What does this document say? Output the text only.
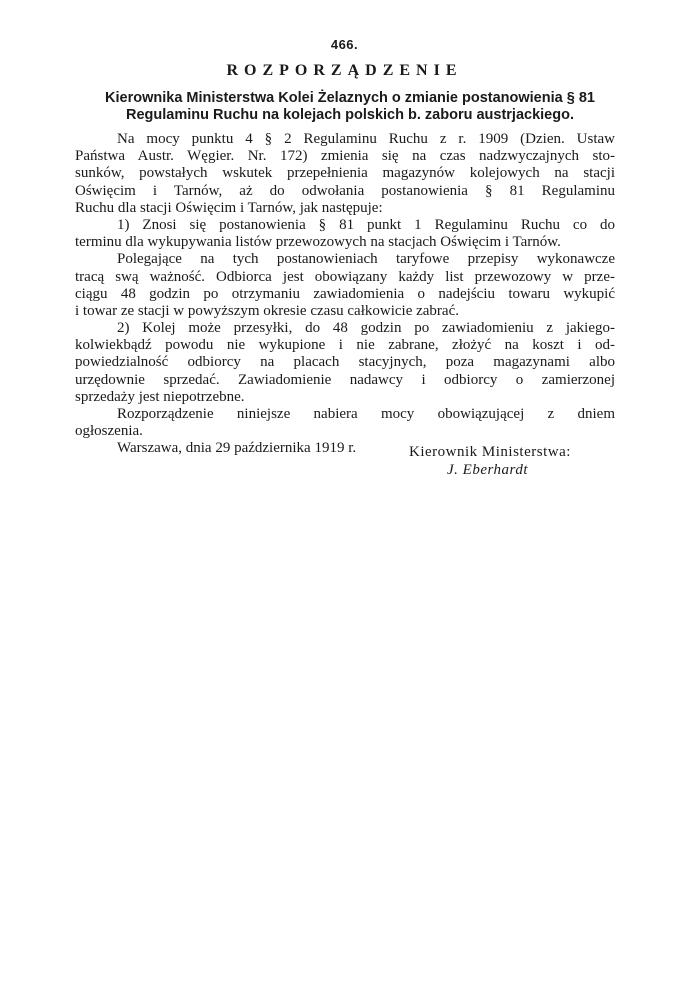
466.
ROZPORZĄDZENIE
Kierownika Ministerstwa Kolei Żelaznych o zmianie postanowienia § 81
Regulaminu Ruchu na kolejach polskich b. zaboru austrjackiego.
Na mocy punktu 4 § 2 Regulaminu Ruchu z r. 1909 (Dzien. Ustaw
Państwa Austr. Węgier. Nr. 172) zmienia się na czas nadzwyczajnych sto-
sunków, powstałych wskutek przepełnienia magazynów kolejowych na stacji
Oświęcim i Tarnów, aż do odwołania postanowienia § 81 Regulaminu
Ruchu dla stacji Oświęcim i Tarnów, jak następuje:
1) Znosi się postanowienia § 81 punkt 1 Regulaminu Ruchu co do
terminu dla wykupywania listów przewozowych na stacjach Oświęcim i Tarnów.
Polegające na tych postanowieniach taryfowe przepisy wykonawcze
tracą swą ważność. Odbiorca jest obowiązany każdy list przewozowy w prze-
ciągu 48 godzin po otrzymaniu zawiadomienia o nadejściu towaru wykupić
i towar ze stacji w powyższym okresie czasu całkowicie zabrać.
2) Kolej może przesyłki, do 48 godzin po zawiadomieniu z jakiego-
kolwiekbądź powodu nie wykupione i nie zabrane, złożyć na koszt i od-
powiedzialność odbiorcy na placach stacyjnych, poza magazynami albo
urzędownie sprzedać. Zawiadomienie nadawcy i odbiorcy o zamierzonej
sprzedaży jest niepotrzebne.
Rozporządzenie niniejsze nabiera mocy obowiązującej z dniem
ogłoszenia.
Warszawa, dnia 29 października 1919 r.	Kierownik Ministerstwa:
J. Eberhardt
